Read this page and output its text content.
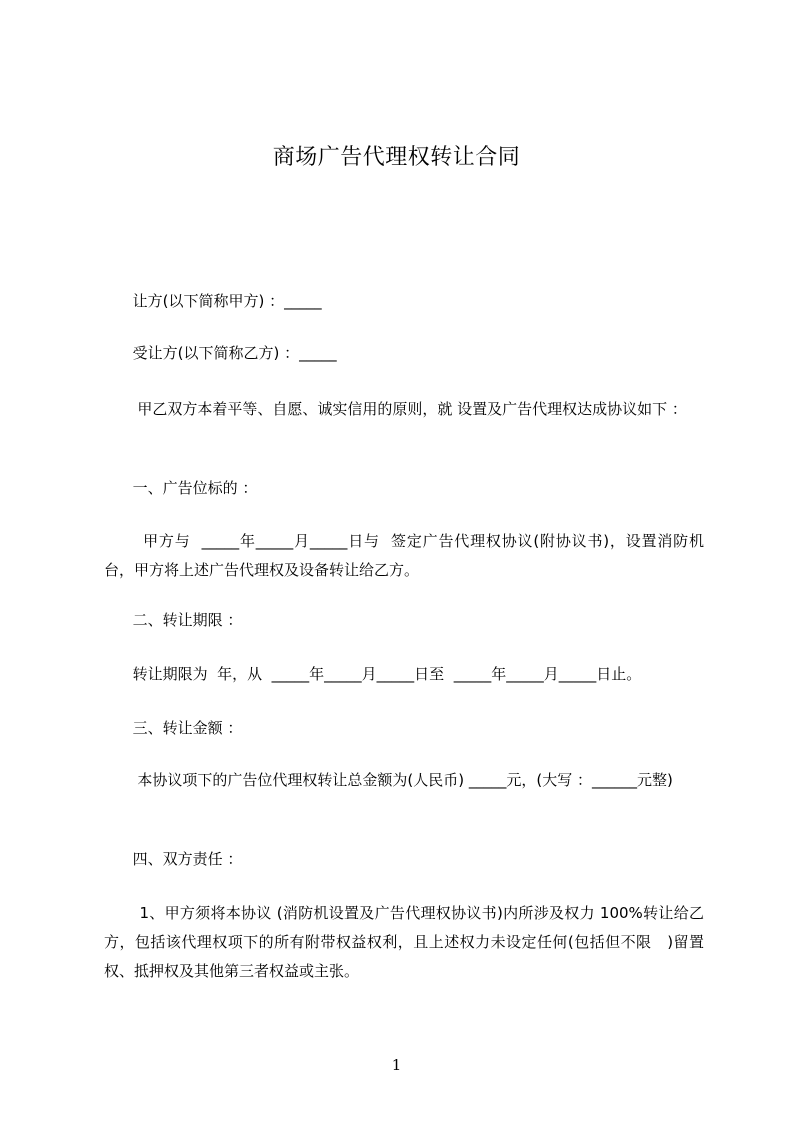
商场广告代理权转让合同
让方(以下简称甲方) ：_____
受让方(以下简称乙方) ：_____
甲乙双方本着平等、自愿、诚实信用的原则，就 设置及广告代理权达成协议如下 ：
一、广告位标的 ：
甲方与  _____年_____月_____日与  签定广告代理权协议(附协议书)，设置消防机  台，甲方将上述广告代理权及设备转让给乙方。
二、转让期限 ：
转让期限为  年，从  _____年_____月_____日至  _____年_____月_____日止。
三、转让金额 ：
本协议项下的广告位代理权转让总金额为(人民币) _____元，(大写 ：______元整)
四、双方责任 ：
1、甲方须将本协议 (消防机设置及广告代理权协议书)内所涉及权力 100%转让给乙方，包括该代理权项下的所有附带权益权利，且上述权力未设定任何(包括但不限   )留置权、抵押权及其他第三者权益或主张。
1
